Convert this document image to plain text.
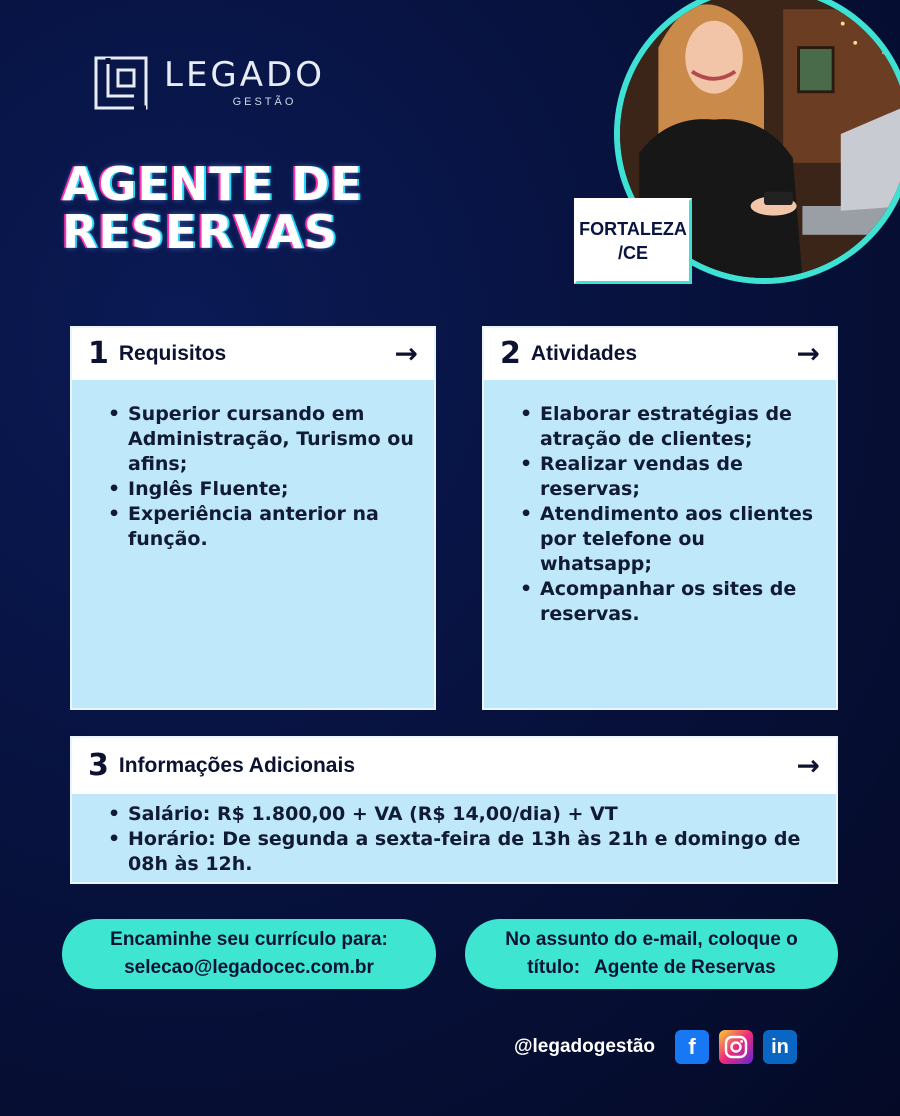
LEGADO
GESTÃO
AGENTE DE
RESERVAS	FORTALEZA
/CE
1 Requisitos	→
• Superior cursando em Administração, Turismo ou afins;
• Inglês Fluente;
• Experiência anterior na função.
2 Atividades	→
• Elaborar estratégias de atração de clientes;
• Realizar vendas de reservas;
• Atendimento aos clientes por telefone ou whatsapp;
• Acompanhar os sites de reservas.
3 Informações Adicionais	→
• Salário: R$ 1.800,00 + VA (R$ 14,00/dia) + VT
• Horário: De segunda a sexta-feira de 13h às 21h e domingo de 08h às 12h.
Encaminhe seu currículo para:
selecao@legadocec.com.br
No assunto do e-mail, coloque o
título: Agente de Reservas
@legadogestão	f	in
